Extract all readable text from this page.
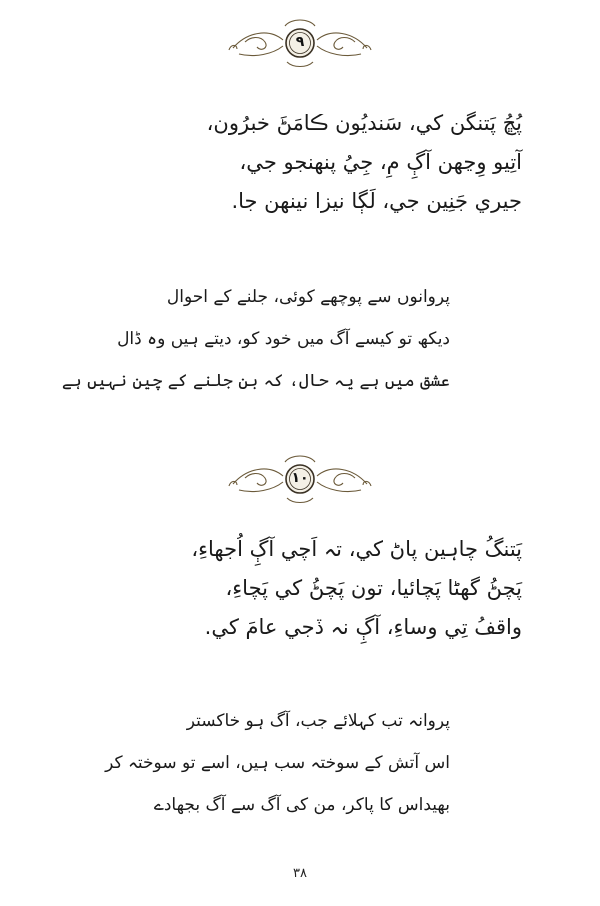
۹

پُڇُ پَتنگن کي، سَنديُون ڪامَڻَ خبرُون،

آتِيو وِڃهن آڳِ مِ، جِيُ پنهنجو جي،

جيري جَنِين جي، لَڳا نيزا نينهن جا.

پروانوں سے پوچھے کوئی، جلنے کے احوال

دیکھ تو کیسے آگ میں خود کو، دیتے ہیں وہ ڈال

عشق میں ہے یہ حال، کہ بن جلنے کے چین نہیں ہے

۱۰

پَتنگُ چاہين پاڻ کي، تہ اَچي آڳِ اُجهاءِ،

پَچڻُ گهڻا پَچائيا، تون پَچڻُ کي پَچاءِ،

واقفُ تِي وساءِ، آڳِ نہ ڏجي عامَ کي.

پروانہ تب کہلائے جب، آگ ہو خاکستر

اس آتش کے سوختہ سب ہیں، اسے تو سوختہ کر

بھیداس کا پاکر، من کی آگ سے آگ بجھادے

۳۸
